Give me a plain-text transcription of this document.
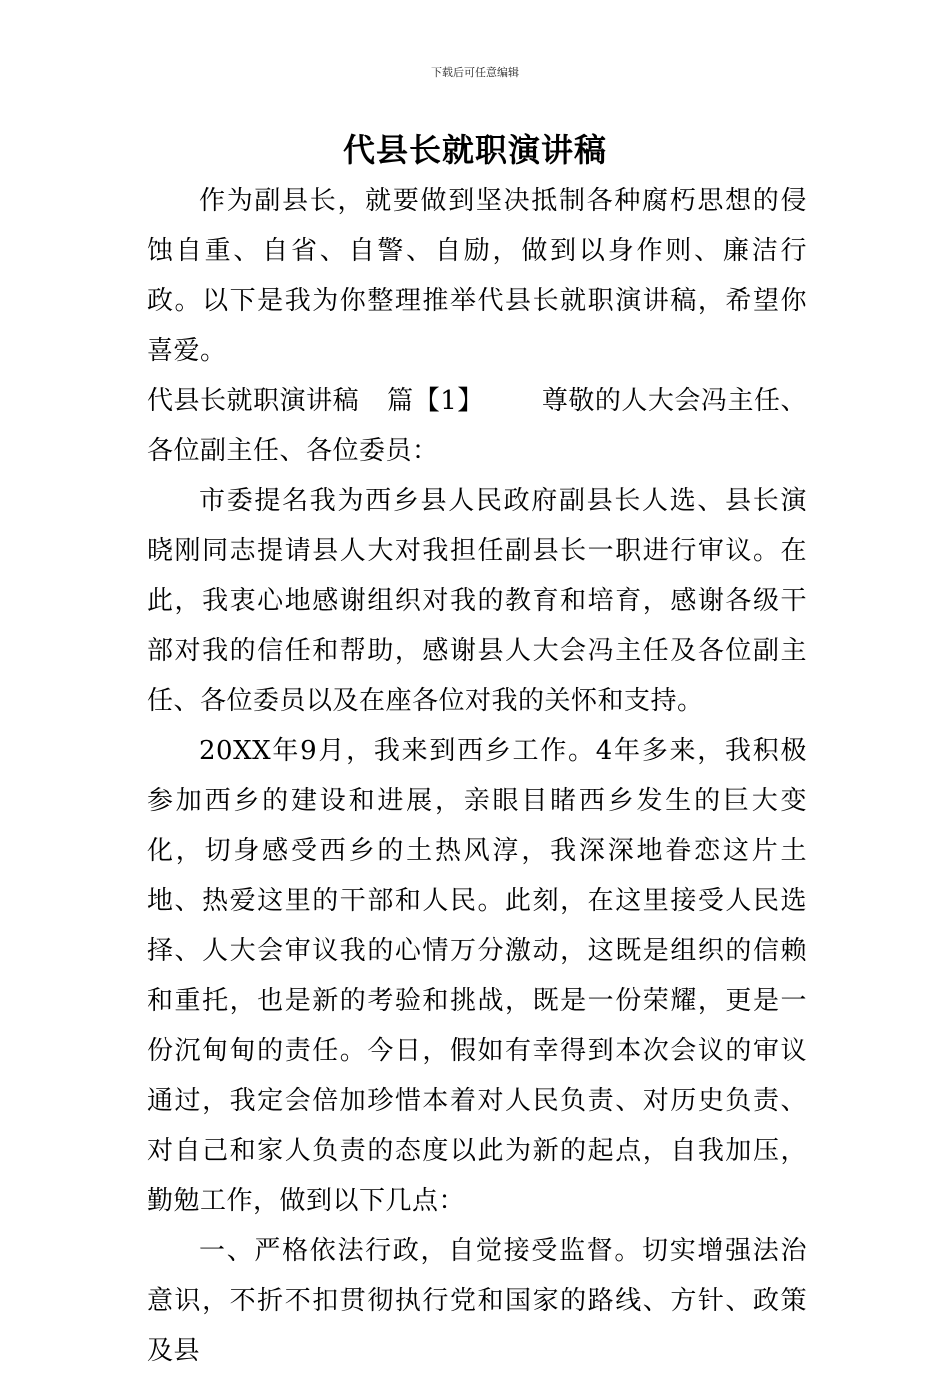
下载后可任意编辑
代县长就职演讲稿

作为副县长，就要做到坚决抵制各种腐朽思想的侵蚀自重、自省、自警、自励，做到以身作则、廉洁行政。以下是我为你整理推举代县长就职演讲稿，希望你喜爱。

代县长就职演讲稿 篇【1】 尊敬的人大会冯主任、各位副主任、各位委员：

市委提名我为西乡县人民政府副县长人选、县长演晓刚同志提请县人大对我担任副县长一职进行审议。在此，我衷心地感谢组织对我的教育和培育，感谢各级干部对我的信任和帮助，感谢县人大会冯主任及各位副主任、各位委员以及在座各位对我的关怀和支持。

20XX年9月，我来到西乡工作。4年多来，我积极参加西乡的建设和进展，亲眼目睹西乡发生的巨大变化，切身感受西乡的土热风淳，我深深地眷恋这片土地、热爱这里的干部和人民。此刻，在这里接受人民选择、人大会审议我的心情万分激动，这既是组织的信赖和重托，也是新的考验和挑战，既是一份荣耀，更是一份沉甸甸的责任。今日，假如有幸得到本次会议的审议通过，我定会倍加珍惜本着对人民负责、对历史负责、对自己和家人负责的态度以此为新的起点，自我加压，勤勉工作，做到以下几点：

一、严格依法行政，自觉接受监督。切实增强法治意识，不折不扣贯彻执行党和国家的路线、方针、政策及县
